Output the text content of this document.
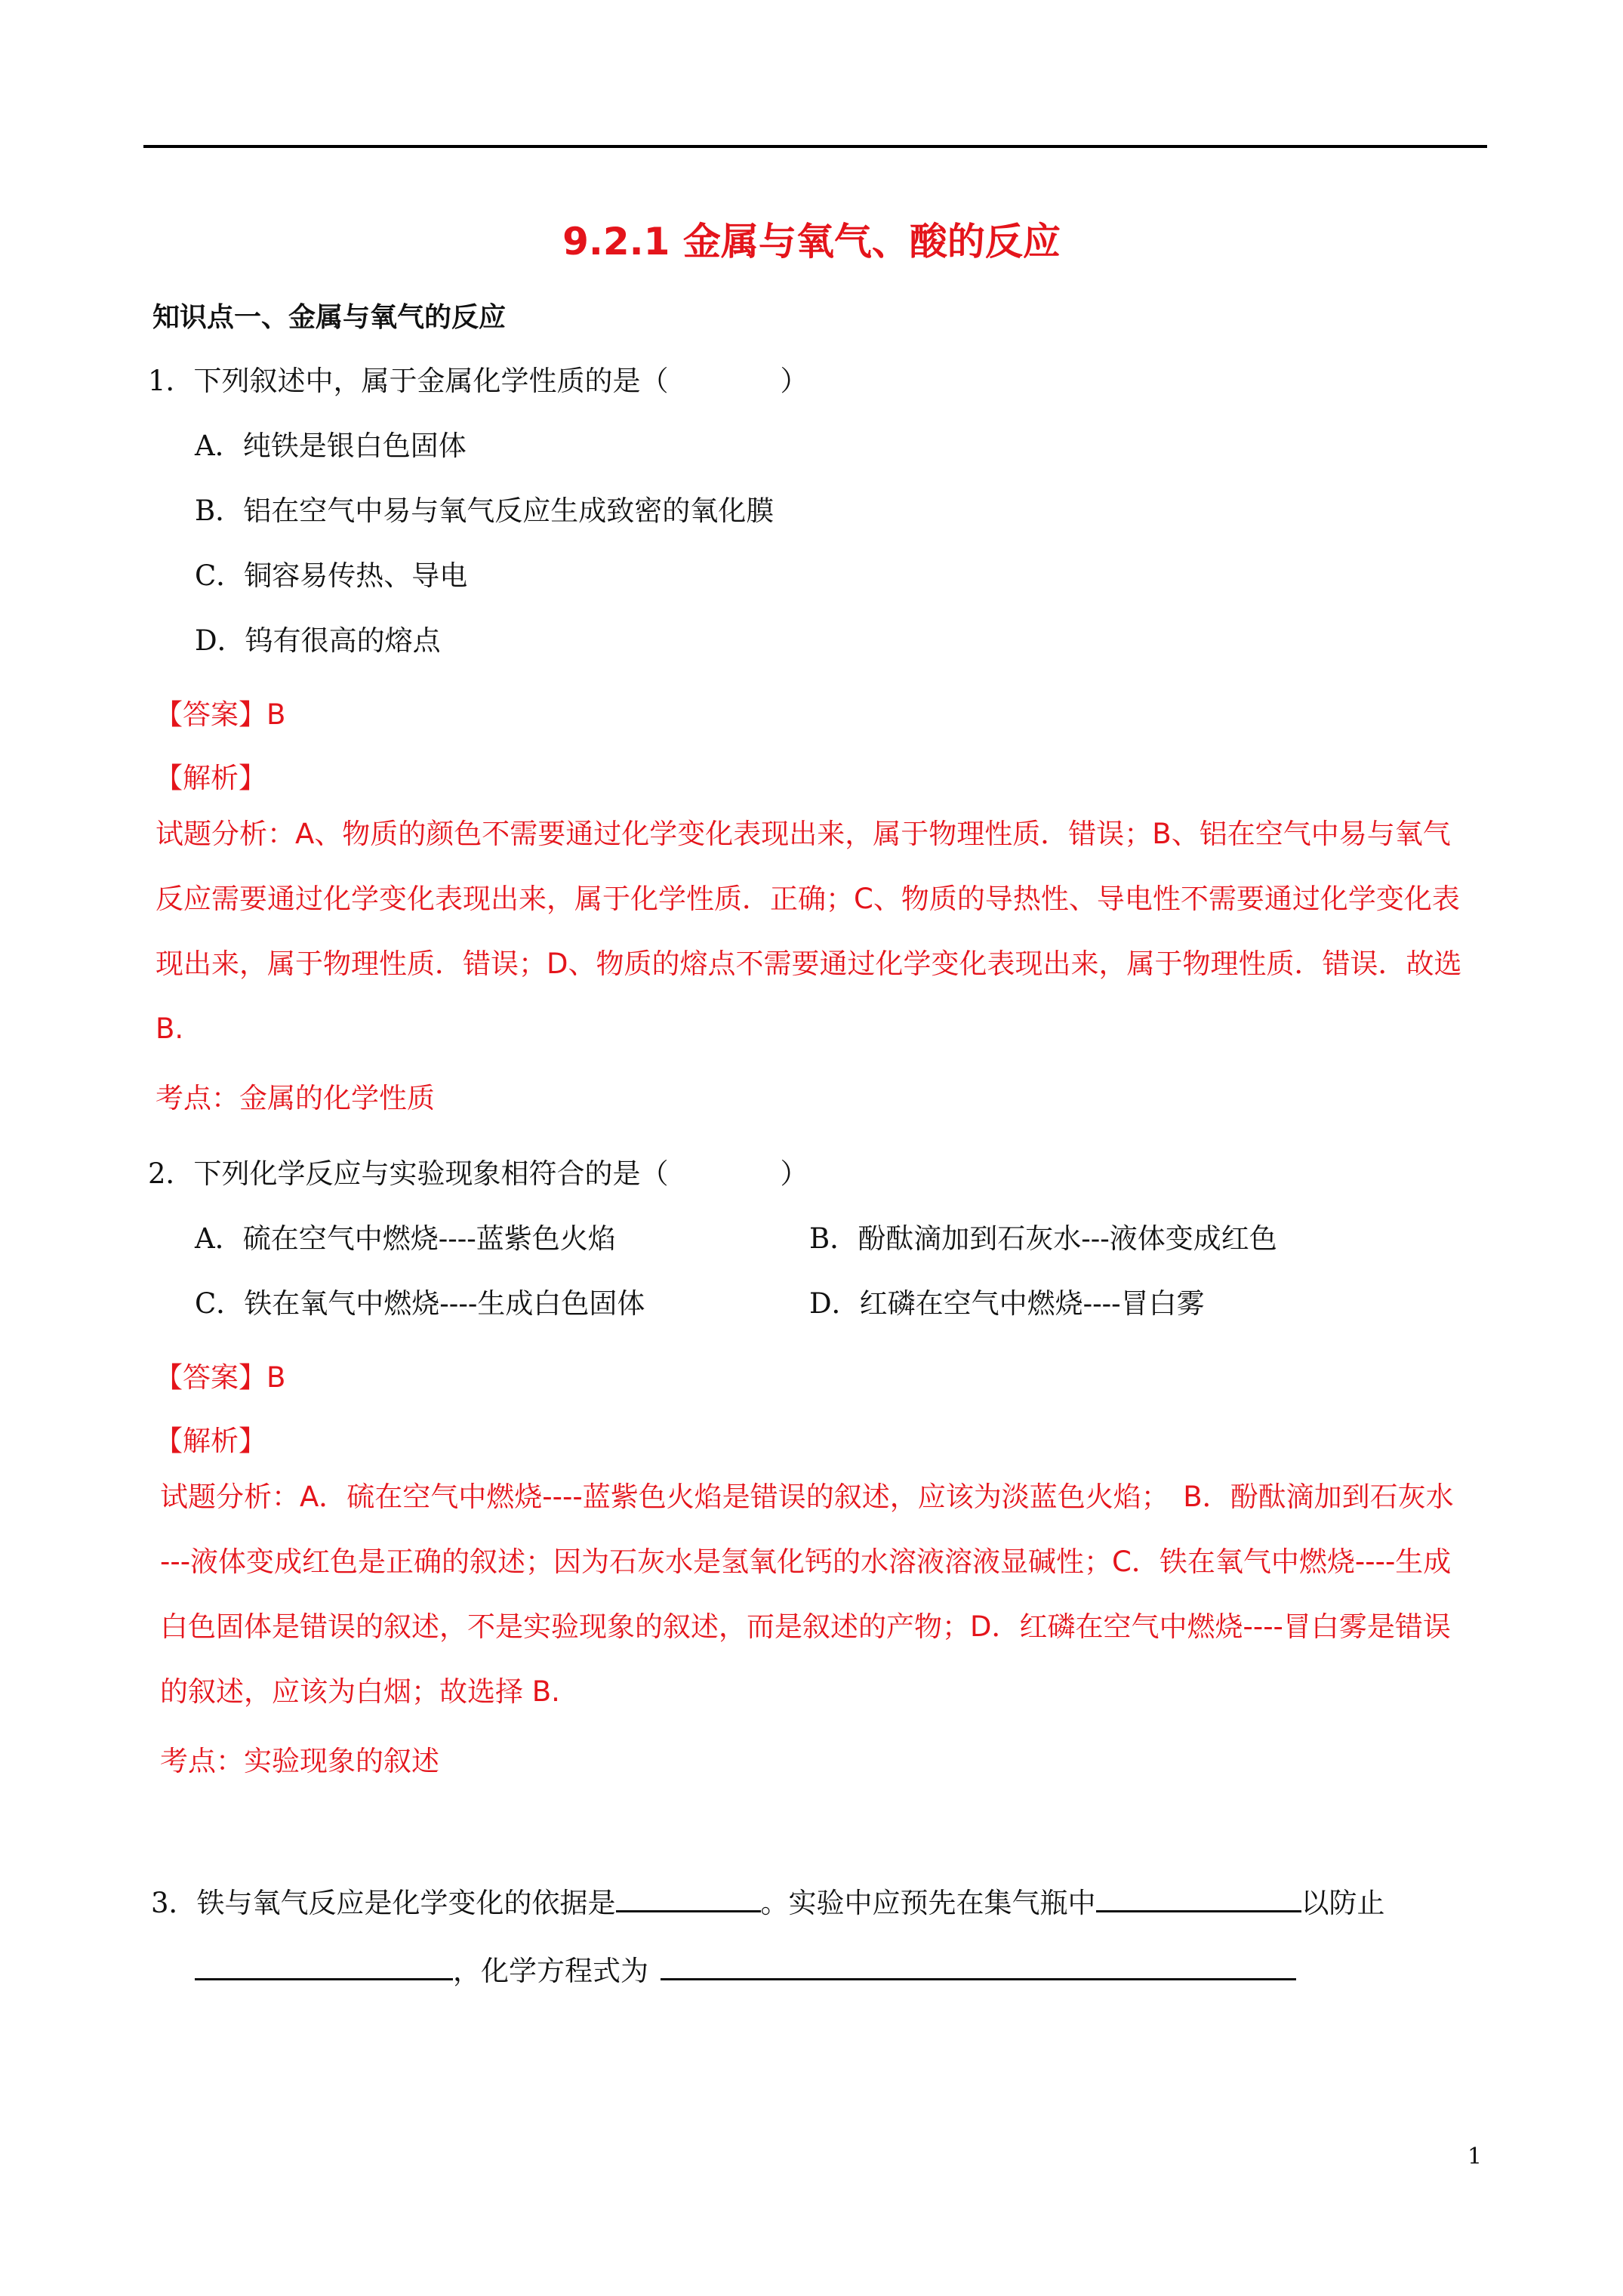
9.2.1 金属与氧气、酸的反应
知识点一、金属与氧气的反应
1．下列叙述中，属于金属化学性质的是（　　　　）
A．纯铁是银白色固体
B．铝在空气中易与氧气反应生成致密的氧化膜
C．铜容易传热、导电
D．钨有很高的熔点
【答案】B
【解析】
试题分析：A、物质的颜色不需要通过化学变化表现出来，属于物理性质．错误；B、铝在空气中易与氧气
反应需要通过化学变化表现出来，属于化学性质．正确；C、物质的导热性、导电性不需要通过化学变化表
现出来，属于物理性质．错误；D、物质的熔点不需要通过化学变化表现出来，属于物理性质．错误．故选
B.
考点：金属的化学性质
2．下列化学反应与实验现象相符合的是（　　　　）
A．硫在空气中燃烧----蓝紫色火焰	B．酚酞滴加到石灰水---液体变成红色
C．铁在氧气中燃烧----生成白色固体	D．红磷在空气中燃烧----冒白雾
【答案】B
【解析】
试题分析：A．硫在空气中燃烧----蓝紫色火焰是错误的叙述，应该为淡蓝色火焰；　B．酚酞滴加到石灰水
---液体变成红色是正确的叙述；因为石灰水是氢氧化钙的水溶液溶液显碱性；C．铁在氧气中燃烧----生成
白色固体是错误的叙述，不是实验现象的叙述，而是叙述的产物；D．红磷在空气中燃烧----冒白雾是错误
的叙述，应该为白烟；故选择 B.
考点：实验现象的叙述
3．铁与氧气反应是化学变化的依据是	。实验中应预先在集气瓶中	以防止
，化学方程式为
1
